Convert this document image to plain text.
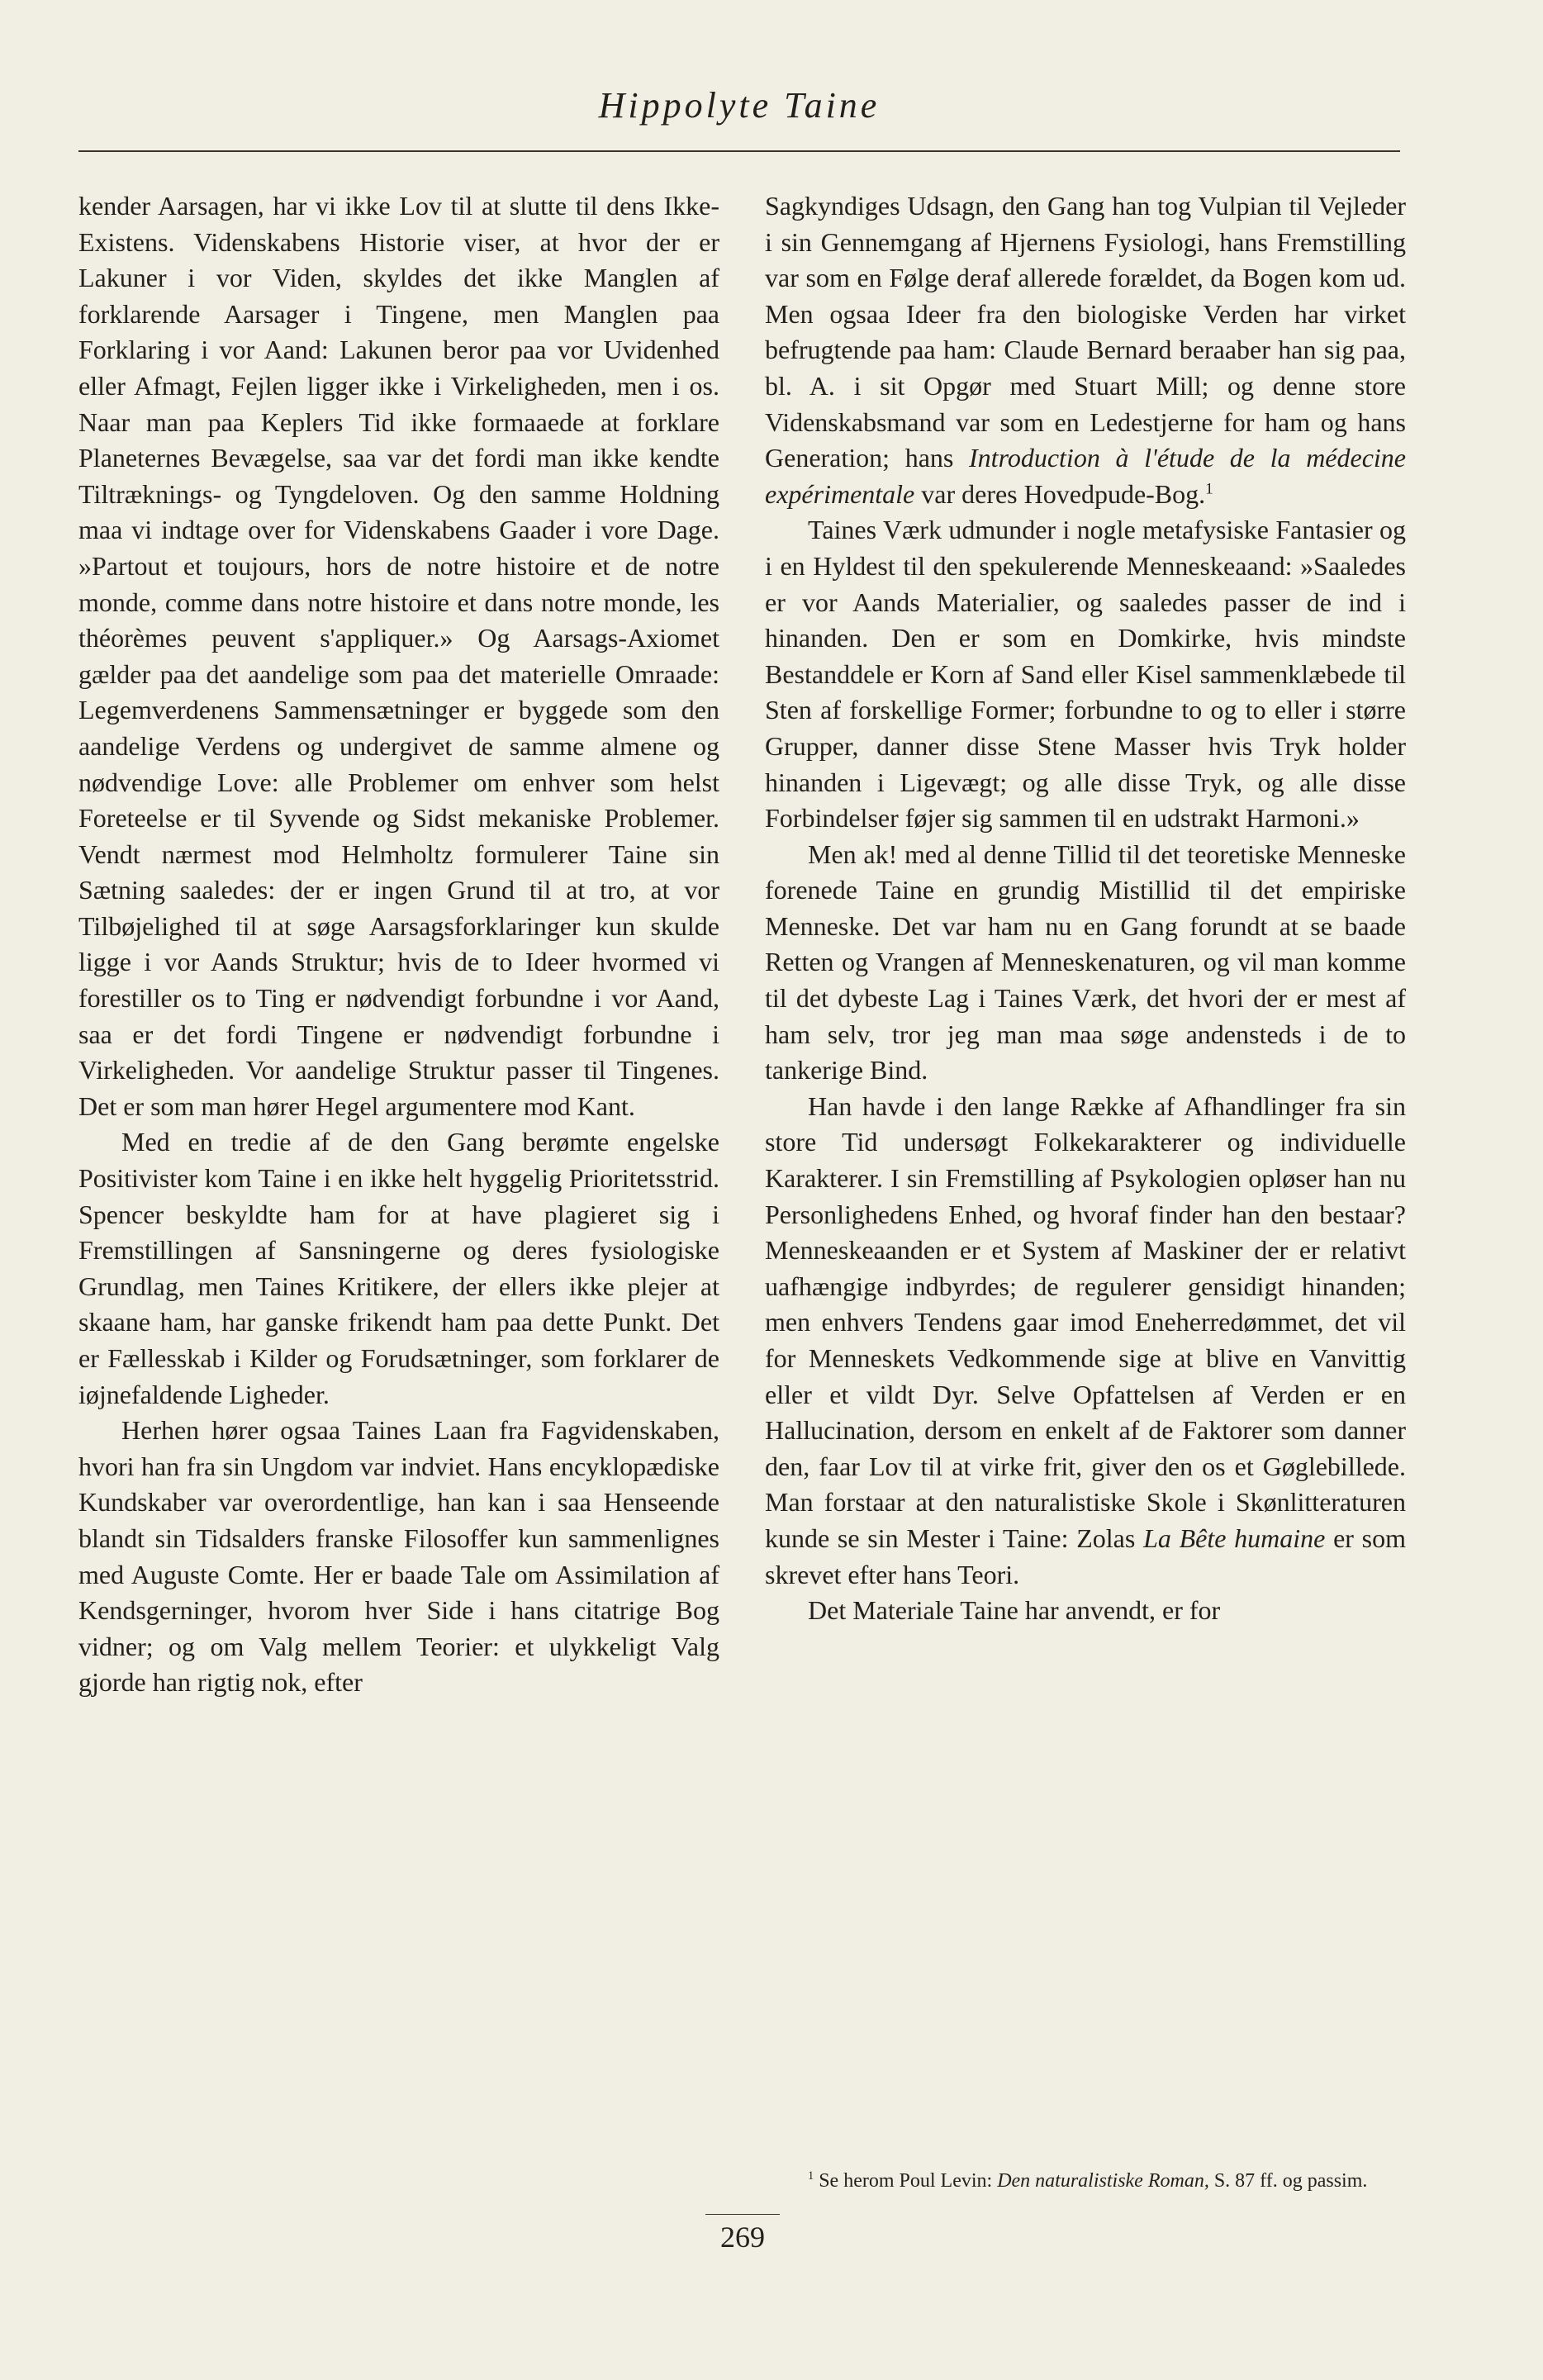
Hippolyte Taine

kender Aarsagen, har vi ikke Lov til at slutte til dens Ikke-Existens. Videnskabens Historie viser, at hvor der er Lakuner i vor Viden, skyldes det ikke Manglen af forklarende Aarsager i Tingene, men Manglen paa Forklaring i vor Aand: Lakunen beror paa vor Uvidenhed eller Afmagt, Fejlen ligger ikke i Virkeligheden, men i os. Naar man paa Keplers Tid ikke formaaede at forklare Planeternes Bevægelse, saa var det fordi man ikke kendte Tiltræknings- og Tyngdeloven. Og den samme Holdning maa vi indtage over for Videnskabens Gaader i vore Dage. »Partout et toujours, hors de notre histoire et de notre monde, comme dans notre histoire et dans notre monde, les théorèmes peuvent s'appliquer.» Og Aarsags-Axiomet gælder paa det aandelige som paa det materielle Omraade: Legemverdenens Sammensætninger er byggede som den aandelige Verdens og undergivet de samme almene og nødvendige Love: alle Problemer om enhver som helst Foreteelse er til Syvende og Sidst mekaniske Problemer. Vendt nærmest mod Helmholtz formulerer Taine sin Sætning saaledes: der er ingen Grund til at tro, at vor Tilbøjelighed til at søge Aarsagsforklaringer kun skulde ligge i vor Aands Struktur; hvis de to Ideer hvormed vi forestiller os to Ting er nødvendigt forbundne i vor Aand, saa er det fordi Tingene er nødvendigt forbundne i Virkeligheden. Vor aandelige Struktur passer til Tingenes. Det er som man hører Hegel argumentere mod Kant.

Med en tredie af de den Gang berømte engelske Positivister kom Taine i en ikke helt hyggelig Prioritetsstrid. Spencer beskyldte ham for at have plagieret sig i Fremstillingen af Sansningerne og deres fysiologiske Grundlag, men Taines Kritikere, der ellers ikke plejer at skaane ham, har ganske frikendt ham paa dette Punkt. Det er Fællesskab i Kilder og Forudsætninger, som forklarer de iøjnefaldende Ligheder.

Herhen hører ogsaa Taines Laan fra Fagvidenskaben, hvori han fra sin Ungdom var indviet. Hans encyklopædiske Kundskaber var overordentlige, han kan i saa Henseende blandt sin Tidsalders franske Filosoffer kun sammenlignes med Auguste Comte. Her er baade Tale om Assimilation af Kendsgerninger, hvorom hver Side i hans citatrige Bog vidner; og om Valg mellem Teorier: et ulykkeligt Valg gjorde han rigtig nok, efter

Sagkyndiges Udsagn, den Gang han tog Vulpian til Vejleder i sin Gennemgang af Hjernens Fysiologi, hans Fremstilling var som en Følge deraf allerede forældet, da Bogen kom ud. Men ogsaa Ideer fra den biologiske Verden har virket befrugtende paa ham: Claude Bernard beraaber han sig paa, bl. A. i sit Opgør med Stuart Mill; og denne store Videnskabsmand var som en Ledestjerne for ham og hans Generation; hans Introduction à l'étude de la médecine expérimentale var deres Hovedpude-Bog.$^1$

Taines Værk udmunder i nogle metafysiske Fantasier og i en Hyldest til den spekulerende Menneskeaand: »Saaledes er vor Aands Materialier, og saaledes passer de ind i hinanden. Den er som en Domkirke, hvis mindste Bestanddele er Korn af Sand eller Kisel sammenklæbede til Sten af forskellige Former; forbundne to og to eller i større Grupper, danner disse Stene Masser hvis Tryk holder hinanden i Ligevægt; og alle disse Tryk, og alle disse Forbindelser føjer sig sammen til en udstrakt Harmoni.»

Men ak! med al denne Tillid til det teoretiske Menneske forenede Taine en grundig Mistillid til det empiriske Menneske. Det var ham nu en Gang forundt at se baade Retten og Vrangen af Menneskenaturen, og vil man komme til det dybeste Lag i Taines Værk, det hvori der er mest af ham selv, tror jeg man maa søge andensteds i de to tankerige Bind.

Han havde i den lange Række af Afhandlinger fra sin store Tid undersøgt Folkekarakterer og individuelle Karakterer. I sin Fremstilling af Psykologien opløser han nu Personlighedens Enhed, og hvoraf finder han den bestaar? Menneskeaanden er et System af Maskiner der er relativt uafhængige indbyrdes; de regulerer gensidigt hinanden; men enhvers Tendens gaar imod Eneherredømmet, det vil for Menneskets Vedkommende sige at blive en Vanvittig eller et vildt Dyr. Selve Opfattelsen af Verden er en Hallucination, dersom en enkelt af de Faktorer som danner den, faar Lov til at virke frit, giver den os et Gøglebillede. Man forstaar at den naturalistiske Skole i Skønlitteraturen kunde se sin Mester i Taine: Zolas La Bête humaine er som skrevet efter hans Teori.

Det Materiale Taine har anvendt, er for

$^1$ Se herom Poul Levin: Den naturalistiske Roman, S. 87 ff. og passim.
269
